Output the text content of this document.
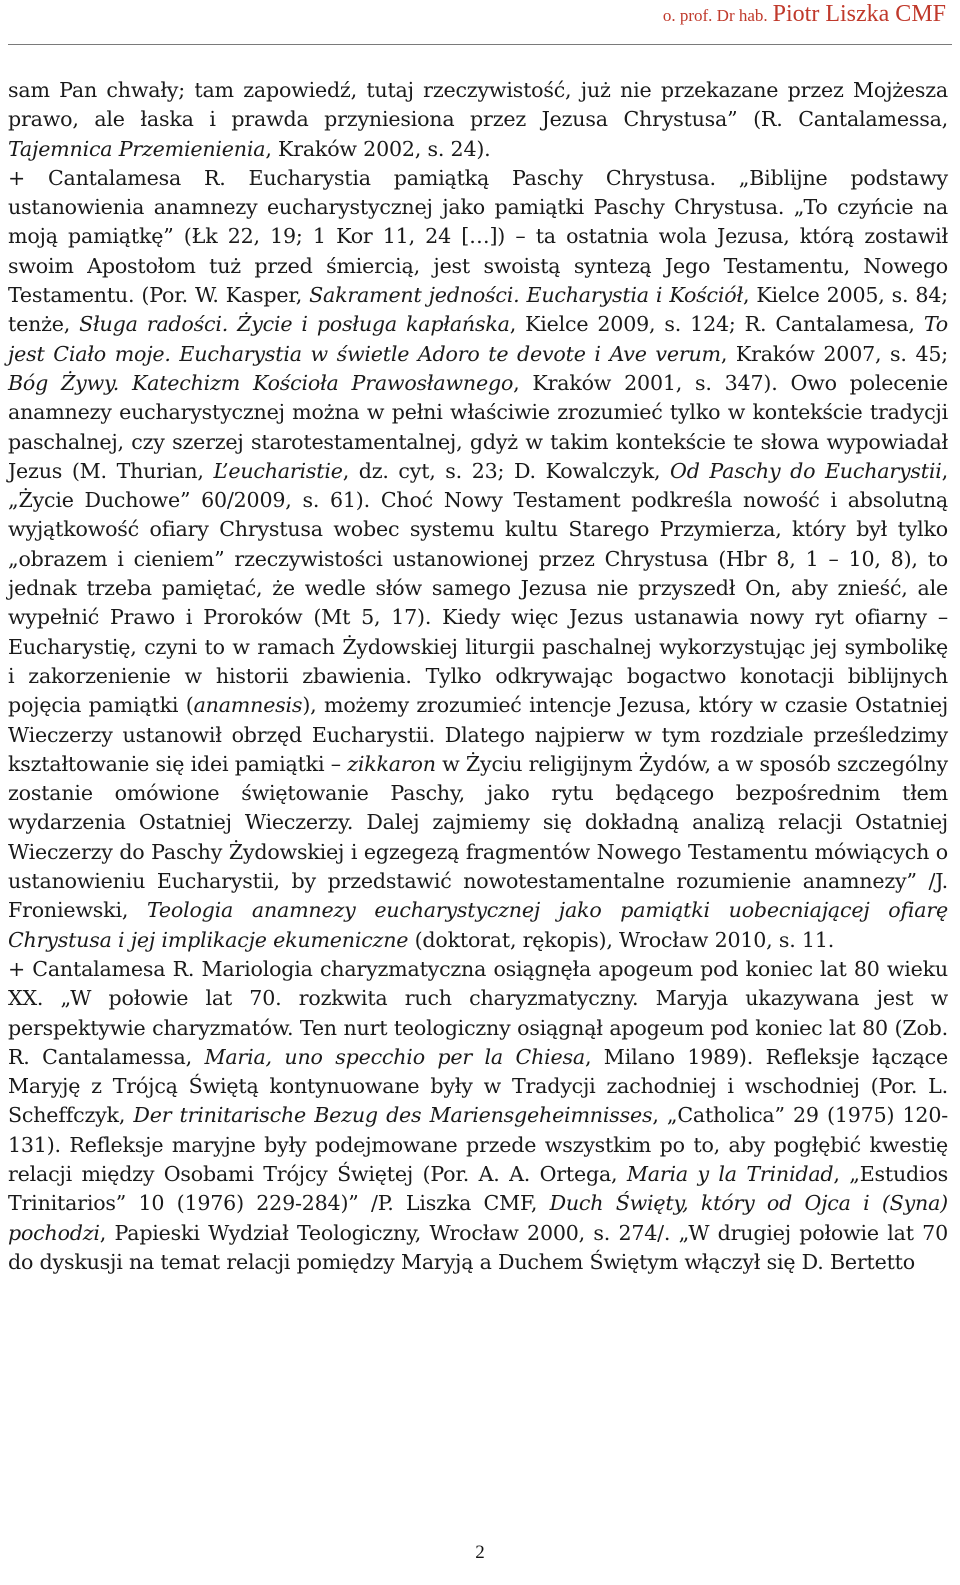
o. prof. Dr hab. Piotr Liszka CMF

sam Pan chwały; tam zapowiedź, tutaj rzeczywistość, już nie przekazane przez Mojżesza prawo, ale łaska i prawda przyniesiona przez Jezusa Chrystusa” (R. Cantalamessa, Tajemnica Przemienienia, Kraków 2002, s. 24).

+ Cantalamesa R. Eucharystia pamiątką Paschy Chrystusa. „Biblijne podstawy ustanowienia anamnezy eucharystycznej jako pamiątki Paschy Chrystusa. „To czyńcie na moją pamiątkę” (Łk 22, 19; 1 Kor 11, 24 […]) – ta ostatnia wola Jezusa, którą zostawił swoim Apostołom tuż przed śmiercią, jest swoistą syntezą Jego Testamentu, Nowego Testamentu. (Por. W. Kasper, Sakrament jedności. Eucharystia i Kościół, Kielce 2005, s. 84; tenże, Sługa radości. Życie i posługa kapłańska, Kielce 2009, s. 124; R. Cantalamesa, To jest Ciało moje. Eucharystia w świetle Adoro te devote i Ave verum, Kraków 2007, s. 45; Bóg Żywy. Katechizm Kościoła Prawosławnego, Kraków 2001, s. 347). Owo polecenie anamnezy eucharystycznej można w pełni właściwie zrozumieć tylko w kontekście tradycji paschalnej, czy szerzej starotestamentalnej, gdyż w takim kontekście te słowa wypowiadał Jezus (M. Thurian, L’eucharistie, dz. cyt, s. 23; D. Kowalczyk, Od Paschy do Eucharystii, „Życie Duchowe” 60/2009, s. 61). Choć Nowy Testament podkreśla nowość i absolutną wyjątkowość ofiary Chrystusa wobec systemu kultu Starego Przymierza, który był tylko „obrazem i cieniem” rzeczywistości ustanowionej przez Chrystusa (Hbr 8, 1 – 10, 8), to jednak trzeba pamiętać, że wedle słów samego Jezusa nie przyszedł On, aby znieść, ale wypełnić Prawo i Proroków (Mt 5, 17). Kiedy więc Jezus ustanawia nowy ryt ofiarny – Eucharystię, czyni to w ramach Żydowskiej liturgii paschalnej wykorzystując jej symbolikę i zakorzenienie w historii zbawienia. Tylko odkrywając bogactwo konotacji biblijnych pojęcia pamiątki (anamnesis), możemy zrozumieć intencje Jezusa, który w czasie Ostatniej Wieczerzy ustanowił obrzęd Eucharystii. Dlatego najpierw w tym rozdziale prześledzimy kształtowanie się idei pamiątki – zikkaron w Życiu religijnym Żydów, a w sposób szczególny zostanie omówione świętowanie Paschy, jako rytu będącego bezpośrednim tłem wydarzenia Ostatniej Wieczerzy. Dalej zajmiemy się dokładną analizą relacji Ostatniej Wieczerzy do Paschy Żydowskiej i egzegezą fragmentów Nowego Testamentu mówiących o ustanowieniu Eucharystii, by przedstawić nowotestamentalne rozumienie anamnezy” /J. Froniewski, Teologia anamnezy eucharystycznej jako pamiątki uobecniającej ofiarę Chrystusa i jej implikacje ekumeniczne (doktorat, rękopis), Wrocław 2010, s. 11.

+ Cantalamesa R. Mariologia charyzmatyczna osiągnęła apogeum pod koniec lat 80 wieku XX. „W połowie lat 70. rozkwita ruch charyzmatyczny. Maryja ukazywana jest w perspektywie charyzmatów. Ten nurt teologiczny osiągnął apogeum pod koniec lat 80 (Zob. R. Cantalamessa, Maria, uno specchio per la Chiesa, Milano 1989). Refleksje łączące Maryję z Trójcą Świętą kontynuowane były w Tradycji zachodniej i wschodniej (Por. L. Scheffczyk, Der trinitarische Bezug des Mariensgeheimnisses, „Catholica” 29 (1975) 120-131). Refleksje maryjne były podejmowane przede wszystkim po to, aby pogłębić kwestię relacji między Osobami Trójcy Świętej (Por. A. A. Ortega, Maria y la Trinidad, „Estudios Trinitarios” 10 (1976) 229-284)” /P. Liszka CMF, Duch Święty, który od Ojca i (Syna) pochodzi, Papieski Wydział Teologiczny, Wrocław 2000, s. 274/. „W drugiej połowie lat 70 do dyskusji na temat relacji pomiędzy Maryją a Duchem Świętym włączył się D. Bertetto

2
